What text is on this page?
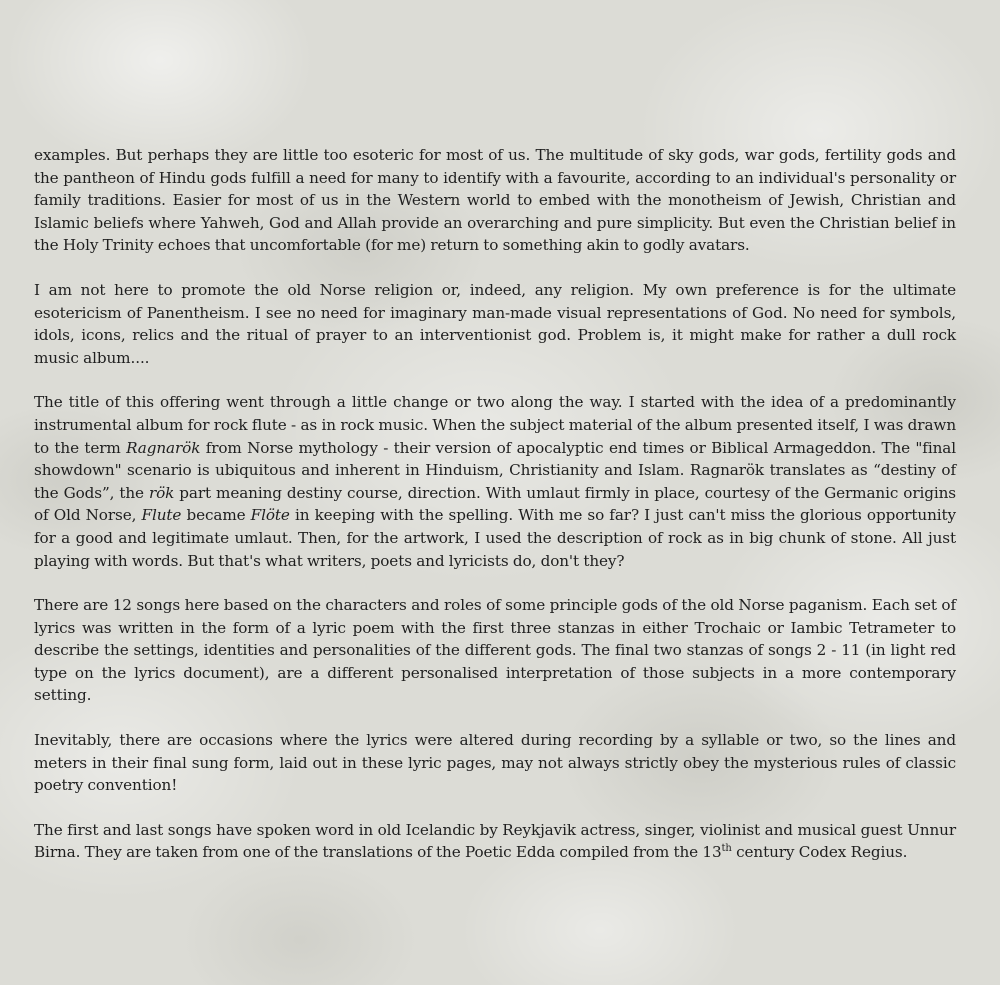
examples. But perhaps they are little too esoteric for most of us. The multitude of sky gods, war gods, fertility gods and the pantheon of Hindu gods fulfill a need for many to identify with a favourite, according to an individual's personality or family traditions. Easier for most of us in the Western world to embed with the monotheism of Jewish, Christian and Islamic beliefs where Yahweh, God and Allah provide an overarching and pure simplicity. But even the Christian belief in the Holy Trinity echoes that uncomfortable (for me) return to something akin to godly avatars.

I am not here to promote the old Norse religion or, indeed, any religion. My own preference is for the ultimate esotericism of Panentheism. I see no need for imaginary man-made visual representations of God. No need for symbols, idols, icons, relics and the ritual of prayer to an interventionist god. Problem is, it might make for rather a dull rock music album....

The title of this offering went through a little change or two along the way. I started with the idea of a predominantly instrumental album for rock flute - as in rock music. When the subject material of the album presented itself, I was drawn to the term Ragnarök from Norse mythology - their version of apocalyptic end times or Biblical Armageddon. The "final showdown" scenario is ubiquitous and inherent in Hinduism, Christianity and Islam. Ragnarök translates as “destiny of the Gods”, the rök part meaning destiny course, direction. With umlaut firmly in place, courtesy of the Germanic origins of Old Norse, Flute became Flöte in keeping with the spelling. With me so far? I just can't miss the glorious opportunity for a good and legitimate umlaut. Then, for the artwork, I used the description of rock as in big chunk of stone. All just playing with words. But that's what writers, poets and lyricists do, don't they?

There are 12 songs here based on the characters and roles of some principle gods of the old Norse paganism. Each set of lyrics was written in the form of a lyric poem with the first three stanzas in either Trochaic or Iambic Tetrameter to describe the settings, identities and personalities of the different gods. The final two stanzas of songs 2 - 11 (in light red type on the lyrics document), are a different personalised interpretation of those subjects in a more contemporary setting.

Inevitably, there are occasions where the lyrics were altered during recording by a syllable or two, so the lines and meters in their final sung form, laid out in these lyric pages, may not always strictly obey the mysterious rules of classic poetry convention!

The first and last songs have spoken word in old Icelandic by Reykjavik actress, singer, violinist and musical guest Unnur Birna. They are taken from one of the translations of the Poetic Edda compiled from the 13th century Codex Regius.
